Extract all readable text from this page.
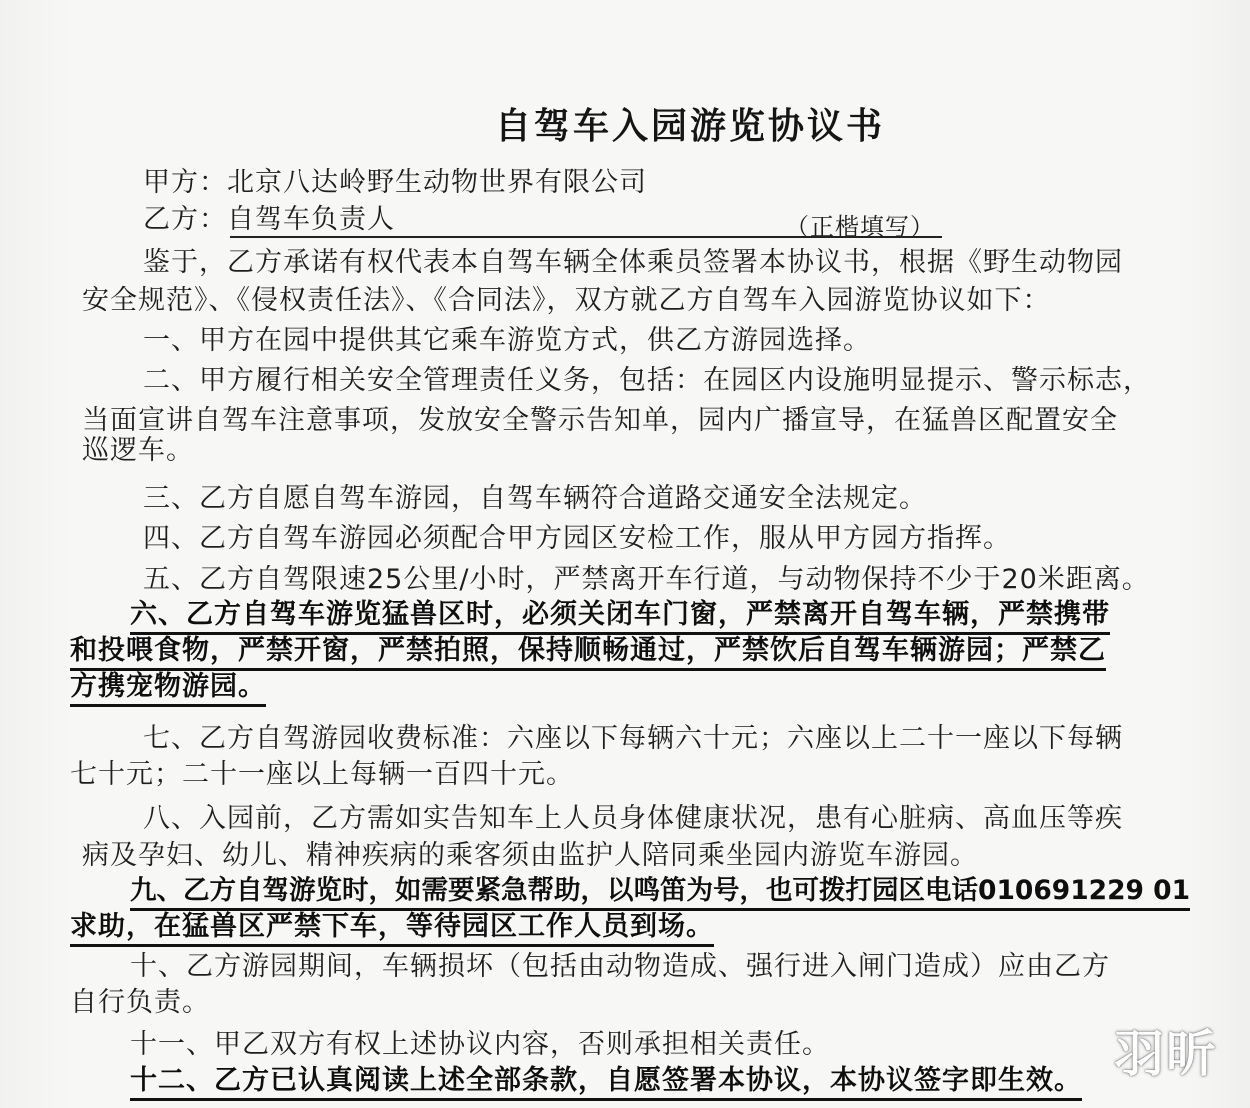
自驾车入园游览协议书
甲方：北京八达岭野生动物世界有限公司
乙方：自驾车负责人	（正楷填写）
鉴于，乙方承诺有权代表本自驾车辆全体乘员签署本协议书，根据《野生动物园
安全规范》、《侵权责任法》、《合同法》，双方就乙方自驾车入园游览协议如下：
一、甲方在园中提供其它乘车游览方式，供乙方游园选择。
二、甲方履行相关安全管理责任义务，包括：在园区内设施明显提示、警示标志，
当面宣讲自驾车注意事项，发放安全警示告知单，园内广播宣导，在猛兽区配置安全
巡逻车。
三、乙方自愿自驾车游园，自驾车辆符合道路交通安全法规定。
四、乙方自驾车游园必须配合甲方园区安检工作，服从甲方园方指挥。
五、乙方自驾限速25公里/小时，严禁离开车行道，与动物保持不少于20米距离。
六、乙方自驾车游览猛兽区时，必须关闭车门窗，严禁离开自驾车辆，严禁携带
和投喂食物，严禁开窗，严禁拍照，保持顺畅通过，严禁饮后自驾车辆游园；严禁乙
方携宠物游园。
七、乙方自驾游园收费标准：六座以下每辆六十元；六座以上二十一座以下每辆
七十元；二十一座以上每辆一百四十元。
八、入园前，乙方需如实告知车上人员身体健康状况，患有心脏病、高血压等疾
病及孕妇、幼儿、精神疾病的乘客须由监护人陪同乘坐园内游览车游园。
九、乙方自驾游览时，如需要紧急帮助，以鸣笛为号，也可拨打园区电话010691229 01
求助，在猛兽区严禁下车，等待园区工作人员到场。
十、乙方游园期间，车辆损坏（包括由动物造成、强行进入闸门造成）应由乙方
自行负责。
十一、甲乙双方有权上述协议内容，否则承担相关责任。
十二、乙方已认真阅读上述全部条款，自愿签署本协议，本协议签字即生效。 羽昕
